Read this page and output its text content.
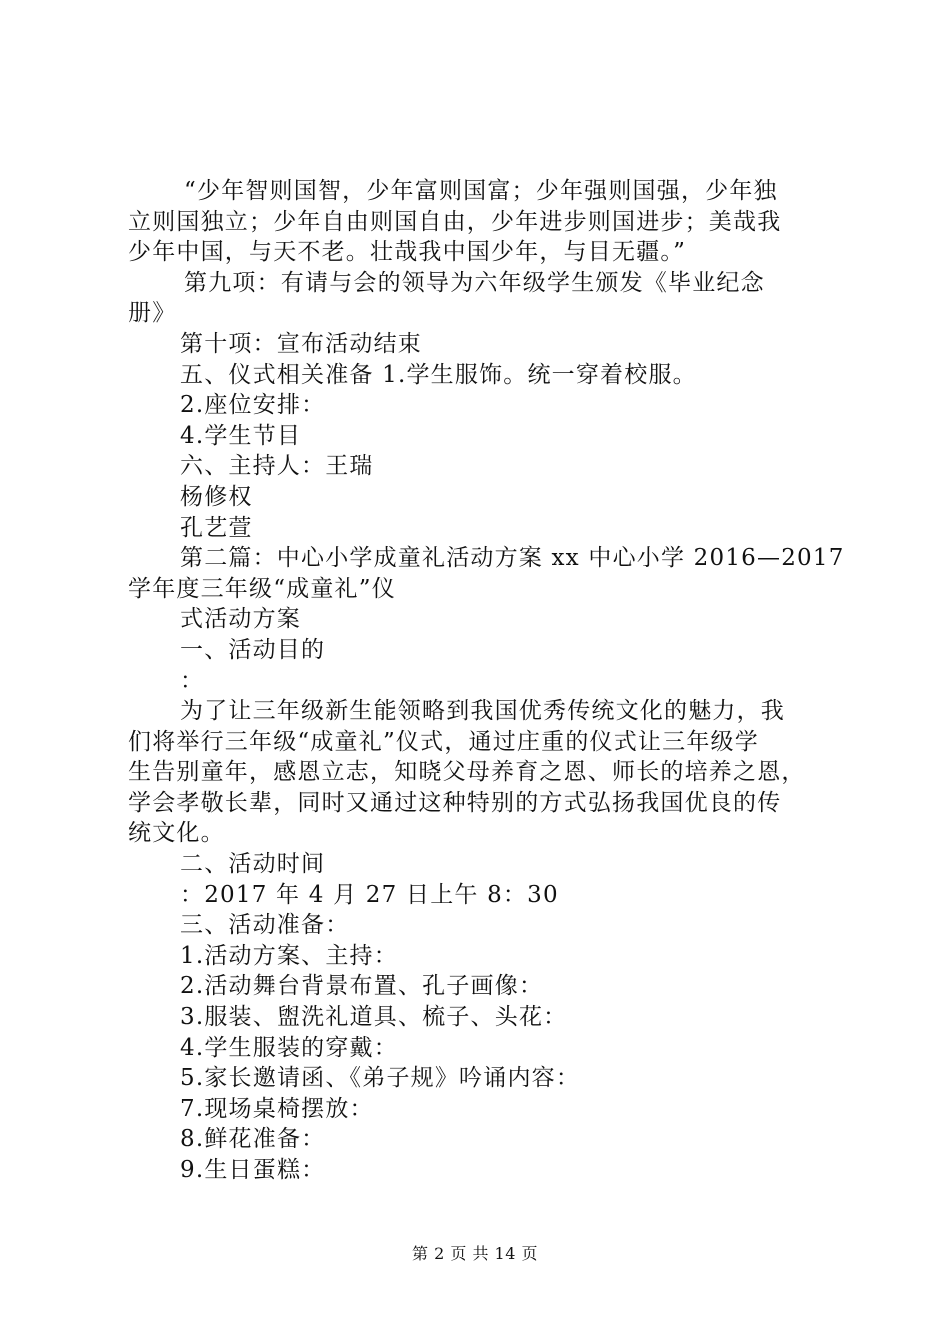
“少年智则国智，少年富则国富；少年强则国强，少年独
立则国独立；少年自由则国自由，少年进步则国进步；美哉我
少年中国，与天不老。壮哉我中国少年，与目无疆。”
第九项：有请与会的领导为六年级学生颁发《毕业纪念
册》
第十项：宣布活动结束
五、仪式相关准备 1.学生服饰。统一穿着校服。
2.座位安排：
4.学生节目
六、主持人：王瑞
杨修权
孔艺萱
第二篇：中心小学成童礼活动方案 xx 中心小学 2016—2017
学年度三年级“成童礼”仪
式活动方案
一、活动目的
：
为了让三年级新生能领略到我国优秀传统文化的魅力，我
们将举行三年级“成童礼”仪式，通过庄重的仪式让三年级学
生告别童年，感恩立志，知晓父母养育之恩、师长的培养之恩，
学会孝敬长辈，同时又通过这种特别的方式弘扬我国优良的传
统文化。
二、活动时间
：2017 年 4 月 27 日上午 8：30
三、活动准备：
1.活动方案、主持：
2.活动舞台背景布置、孔子画像：
3.服装、盥洗礼道具、梳子、头花：
4.学生服装的穿戴：
5.家长邀请函、《弟子规》吟诵内容：
7.现场桌椅摆放：
8.鲜花准备：
9.生日蛋糕：
第 2 页 共 14 页
